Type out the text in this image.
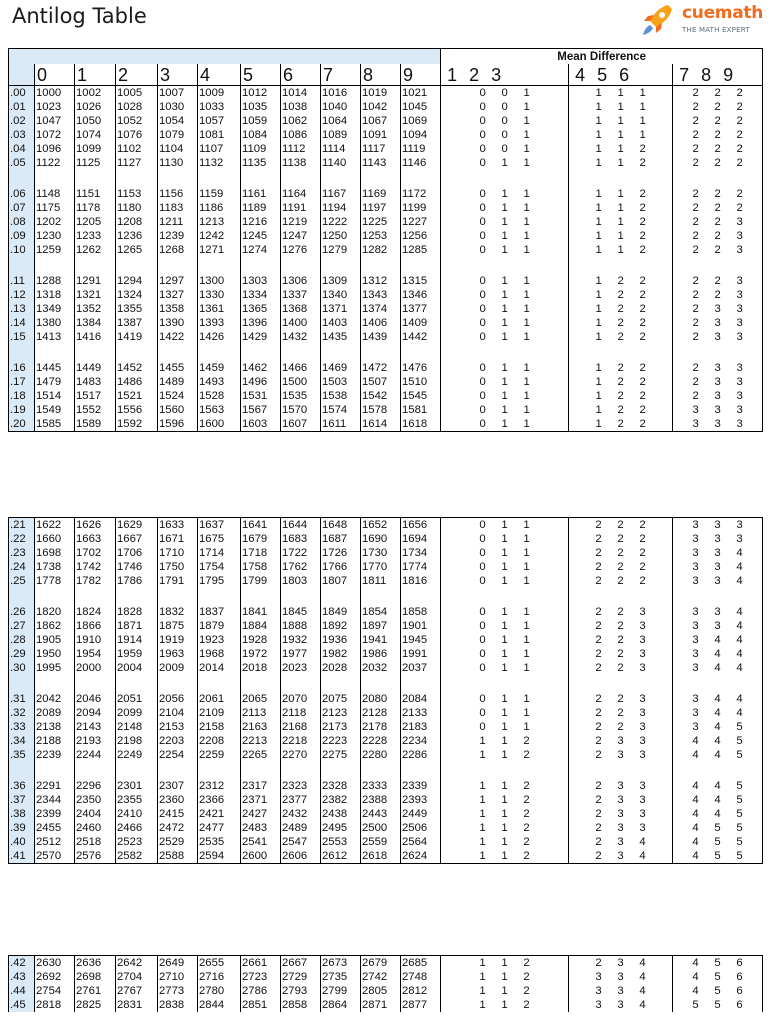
Antilog Table	cuemath
THE MATH EXPERT
											Mean Difference		
	0	1	2	3	4	5	6	7	8	9	1 2 3	4 5 6	7 8 9
.00	1000	1002	1005	1007	1009	1012	1014	1016	1019	1021	0 0 1	1 1 1	2 2 2
.01	1023	1026	1028	1030	1033	1035	1038	1040	1042	1045	0 0 1	1 1 1	2 2 2
.02	1047	1050	1052	1054	1057	1059	1062	1064	1067	1069	0 0 1	1 1 1	2 2 2
.03	1072	1074	1076	1079	1081	1084	1086	1089	1091	1094	0 0 1	1 1 1	2 2 2
.04	1096	1099	1102	1104	1107	1109	1112	1114	1117	1119	0 0 1	1 1 2	2 2 2
.05	1122	1125	1127	1130	1132	1135	1138	1140	1143	1146	0 1 1	1 1 2	2 2 2

.06	1148	1151	1153	1156	1159	1161	1164	1167	1169	1172	0 1 1	1 1 2	2 2 2
.07	1175	1178	1180	1183	1186	1189	1191	1194	1197	1199	0 1 1	1 1 2	2 2 2
.08	1202	1205	1208	1211	1213	1216	1219	1222	1225	1227	0 1 1	1 1 2	2 2 3
.09	1230	1233	1236	1239	1242	1245	1247	1250	1253	1256	0 1 1	1 1 2	2 2 3
.10	1259	1262	1265	1268	1271	1274	1276	1279	1282	1285	0 1 1	1 1 2	2 2 3

.11	1288	1291	1294	1297	1300	1303	1306	1309	1312	1315	0 1 1	1 2 2	2 2 3
.12	1318	1321	1324	1327	1330	1334	1337	1340	1343	1346	0 1 1	1 2 2	2 2 3
.13	1349	1352	1355	1358	1361	1365	1368	1371	1374	1377	0 1 1	1 2 2	2 3 3
.14	1380	1384	1387	1390	1393	1396	1400	1403	1406	1409	0 1 1	1 2 2	2 3 3
.15	1413	1416	1419	1422	1426	1429	1432	1435	1439	1442	0 1 1	1 2 2	2 3 3

.16	1445	1449	1452	1455	1459	1462	1466	1469	1472	1476	0 1 1	1 2 2	2 3 3
.17	1479	1483	1486	1489	1493	1496	1500	1503	1507	1510	0 1 1	1 2 2	2 3 3
.18	1514	1517	1521	1524	1528	1531	1535	1538	1542	1545	0 1 1	1 2 2	2 3 3
.19	1549	1552	1556	1560	1563	1567	1570	1574	1578	1581	0 1 1	1 2 2	3 3 3
.20	1585	1589	1592	1596	1600	1603	1607	1611	1614	1618	0 1 1	1 2 2	3 3 3
.21	1622	1626	1629	1633	1637	1641	1644	1648	1652	1656	0 1 1	2 2 2	3 3 3
.22	1660	1663	1667	1671	1675	1679	1683	1687	1690	1694	0 1 1	2 2 2	3 3 3
.23	1698	1702	1706	1710	1714	1718	1722	1726	1730	1734	0 1 1	2 2 2	3 3 4
.24	1738	1742	1746	1750	1754	1758	1762	1766	1770	1774	0 1 1	2 2 2	3 3 4
.25	1778	1782	1786	1791	1795	1799	1803	1807	1811	1816	0 1 1	2 2 2	3 3 4

.26	1820	1824	1828	1832	1837	1841	1845	1849	1854	1858	0 1 1	2 2 3	3 3 4
.27	1862	1866	1871	1875	1879	1884	1888	1892	1897	1901	0 1 1	2 2 3	3 3 4
.28	1905	1910	1914	1919	1923	1928	1932	1936	1941	1945	0 1 1	2 2 3	3 4 4
.29	1950	1954	1959	1963	1968	1972	1977	1982	1986	1991	0 1 1	2 2 3	3 4 4
.30	1995	2000	2004	2009	2014	2018	2023	2028	2032	2037	0 1 1	2 2 3	3 4 4

.31	2042	2046	2051	2056	2061	2065	2070	2075	2080	2084	0 1 1	2 2 3	3 4 4
.32	2089	2094	2099	2104	2109	2113	2118	2123	2128	2133	0 1 1	2 2 3	3 4 4
.33	2138	2143	2148	2153	2158	2163	2168	2173	2178	2183	0 1 1	2 2 3	3 4 5
.34	2188	2193	2198	2203	2208	2213	2218	2223	2228	2234	1 1 2	2 3 3	4 4 5
.35	2239	2244	2249	2254	2259	2265	2270	2275	2280	2286	1 1 2	2 3 3	4 4 5

.36	2291	2296	2301	2307	2312	2317	2323	2328	2333	2339	1 1 2	2 3 3	4 4 5
.37	2344	2350	2355	2360	2366	2371	2377	2382	2388	2393	1 1 2	2 3 3	4 4 5
.38	2399	2404	2410	2415	2421	2427	2432	2438	2443	2449	1 1 2	2 3 3	4 4 5
.39	2455	2460	2466	2472	2477	2483	2489	2495	2500	2506	1 1 2	2 3 3	4 5 5
.40	2512	2518	2523	2529	2535	2541	2547	2553	2559	2564	1 1 2	2 3 4	4 5 5
.41	2570	2576	2582	2588	2594	2600	2606	2612	2618	2624	1 1 2	2 3 4	4 5 5
.42	2630	2636	2642	2649	2655	2661	2667	2673	2679	2685	1 1 2	2 3 4	4 5 6
.43	2692	2698	2704	2710	2716	2723	2729	2735	2742	2748	1 1 2	3 3 4	4 5 6
.44	2754	2761	2767	2773	2780	2786	2793	2799	2805	2812	1 1 2	3 3 4	4 5 6
.45	2818	2825	2831	2838	2844	2851	2858	2864	2871	2877	1 1 2	3 3 4	5 5 6
